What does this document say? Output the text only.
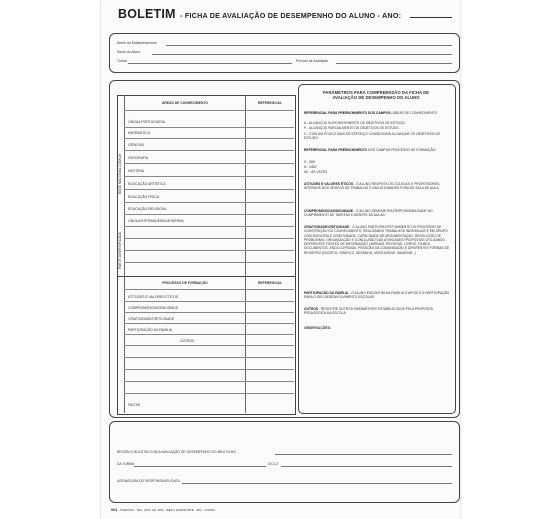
BOLETIM - FICHA DE AVALIAÇÃO DE DESEMPENHO DO ALUNO - ANO:
Nome do Estabelecimento
Nome do Aluno
Turma	Período de Avaliação
ÁREAS DE CONHECIMENTO	REFERENCIAL
BASE NACIONAL COMUM
PARTE DIVERSIFICADA
LÍNGUA PORTUGUESA
MATEMÁTICA
CIÊNCIAS
GEOGRAFIA
HISTÓRIA
EDUCAÇÃO ARTÍSTICA
EDUCAÇÃO FÍSICA
EDUCAÇÃO RELIGIOSA
LÍNGUA ESTRANGEIRA MODERNA
PROCESSO DE FORMAÇÃO	REFERENCIAL
ATITUDES E VALORES ÉTICOS
COMPROMISSO/ASSIDUIDADE
CRIATIVIDADE/CRITICIDADE
PARTICIPAÇÃO DA FAMÍLIA
OUTROS
FALTAS
PARÂMETROS PARA COMPREENSÃO DA FICHA DE AVALIAÇÃO DE DESEMPENHO DO ALUNO
REFERENCIAL PARA PREENCHIMENTO DOS CAMPOS: ÁREAS DE CONHECIMENTO
A - ALCANÇOU SUFICIENTEMENTE OS OBJETIVOS DE ESTUDO.
P - ALCANÇOU PARCIALMENTE OS OBJETIVOS DE ESTUDO.
C - COM UM POUCO MAIS DE ESFORÇO CONSEGUIRÁ ALCANÇAR OS OBJETIVOS DE ESTUDO.
REFERENCIAL PARA PREENCHIMENTO DOS CAMPOS PROCESSO DE FORMAÇÃO.
S - SIM
N - NÃO
AV - ÀS VEZES
ATITUDES E VALORES ÉTICOS - O ALUNO RESPEITA OS COLEGAS E PROFESSORES, INTERAGE NOS GRUPOS DE TRABALHO E NAS ATIVIDADES FORA DE SALA DE AULA.
COMPROMISSO/ASSIDUIDADE - O ALUNO DEMONSTRA RESPONSABILIDADE NO CUMPRIMENTO DE TAREFAS E ASSISTE ÀS AULAS.
CRIATIVIDADE/CRITICIDADE - O ALUNO PARTICIPA EFETIVAMENTE DO PROCESSO DE CONSTRUÇÃO DO CONHECIMENTO, REALIZANDO TRABALHOS INDIVIDUAIS E EM GRUPO COM INICIATIVA E CRIATIVIDADE, CAPACIDADE DE ARGUMENTAÇÃO, RESOLUÇÃO DE PROBLEMAS, ORGANIZAÇÃO E CONCLUSÃO DAS ATIVIDADES PROPOSTAS UTILIZANDO DIFERENTES FONTES DE INFORMAÇÃO (JORNAIS, REVISTAS, LIVROS, FILMES, DOCUMENTOS, ENCICLOPÉDIAS, PESSOAS DA COMUNIDADE) E DIFERENTES FORMAS DE REGISTRO (ESCRITA, GRÁFICO, DESENHO, MONTAGENS, IMAGENS...)
PARTICIPAÇÃO DA FAMÍLIA - O ALUNO ENCONTRA NA FAMÍLIA O APOIO E A PARTICIPAÇÃO PARA O SEU DESENVOLVIMENTO ESCOLAR.
OUTROS - REGISTRE OUTROS PARÂMETROS ESTABELECIDOS PELA PROPOSTA PEDAGÓGICA DA ESCOLA.
OBSERVAÇÕES:
RECEBI O BOLETIM COM A AVALIAÇÃO DE DESEMPENHO DO MEU FILHO
DA TURMA	CICLO
ASSINATURA DO RESPONSÁVEL/DATA
064 - TAMOIOS - TEL: (0XX 31) 1011 - BELO HORIZONTE - MG - 123000
